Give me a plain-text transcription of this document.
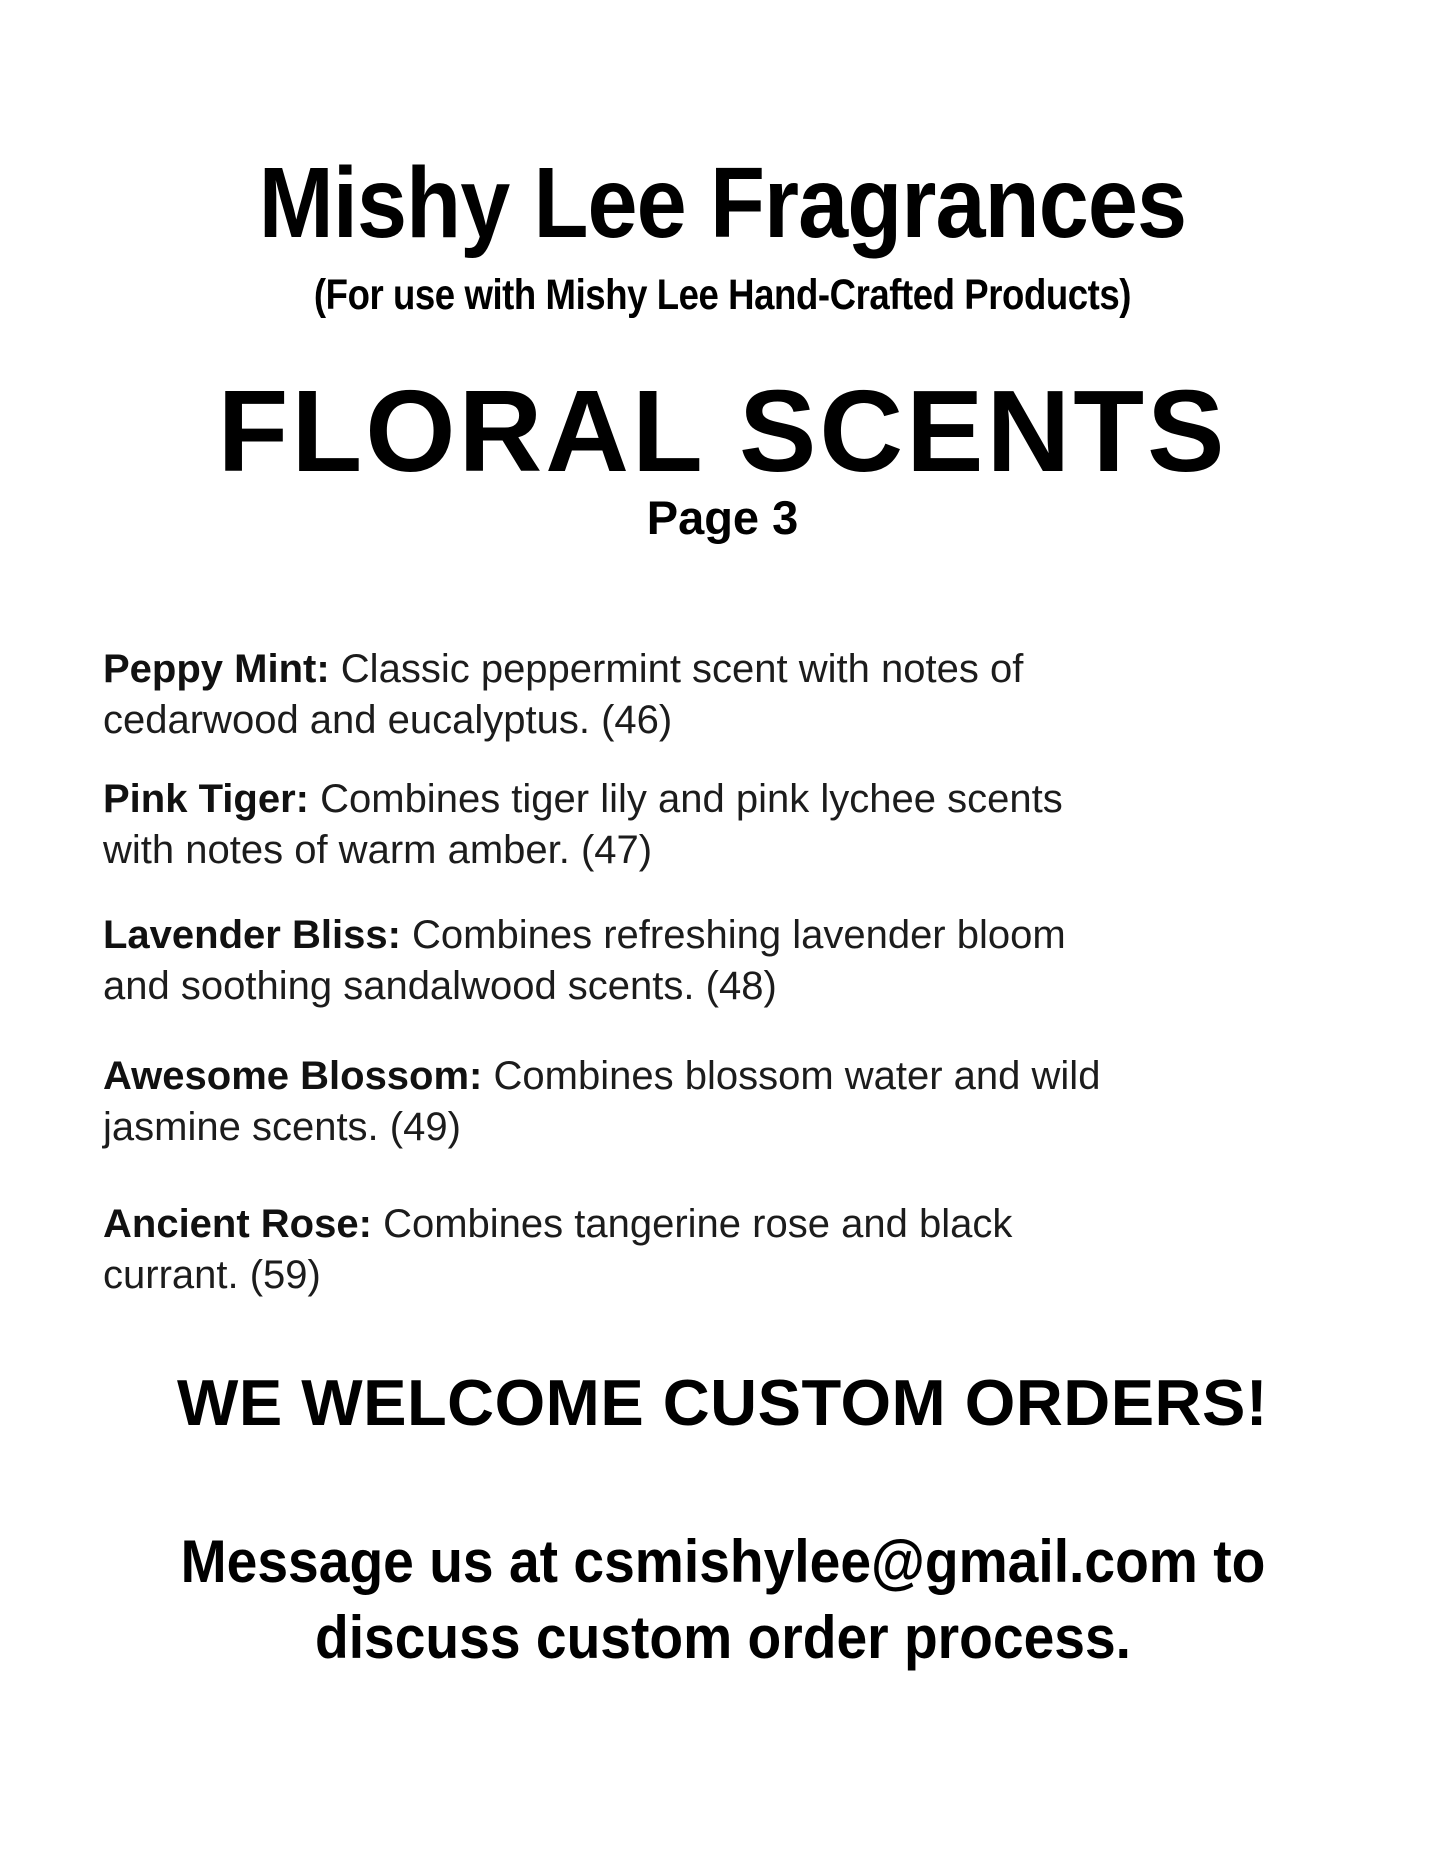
Mishy Lee Fragrances
(For use with Mishy Lee Hand-Crafted Products)
FLORAL SCENTS
Page 3

Peppy Mint: Classic peppermint scent with notes of cedarwood and eucalyptus. (46)

Pink Tiger: Combines tiger lily and pink lychee scents with notes of warm amber. (47)

Lavender Bliss: Combines refreshing lavender bloom and soothing sandalwood scents. (48)

Awesome Blossom: Combines blossom water and wild jasmine scents. (49)

Ancient Rose: Combines tangerine rose and black currant. (59)

WE WELCOME CUSTOM ORDERS!
Message us at csmishylee@gmail.com to discuss custom order process.
